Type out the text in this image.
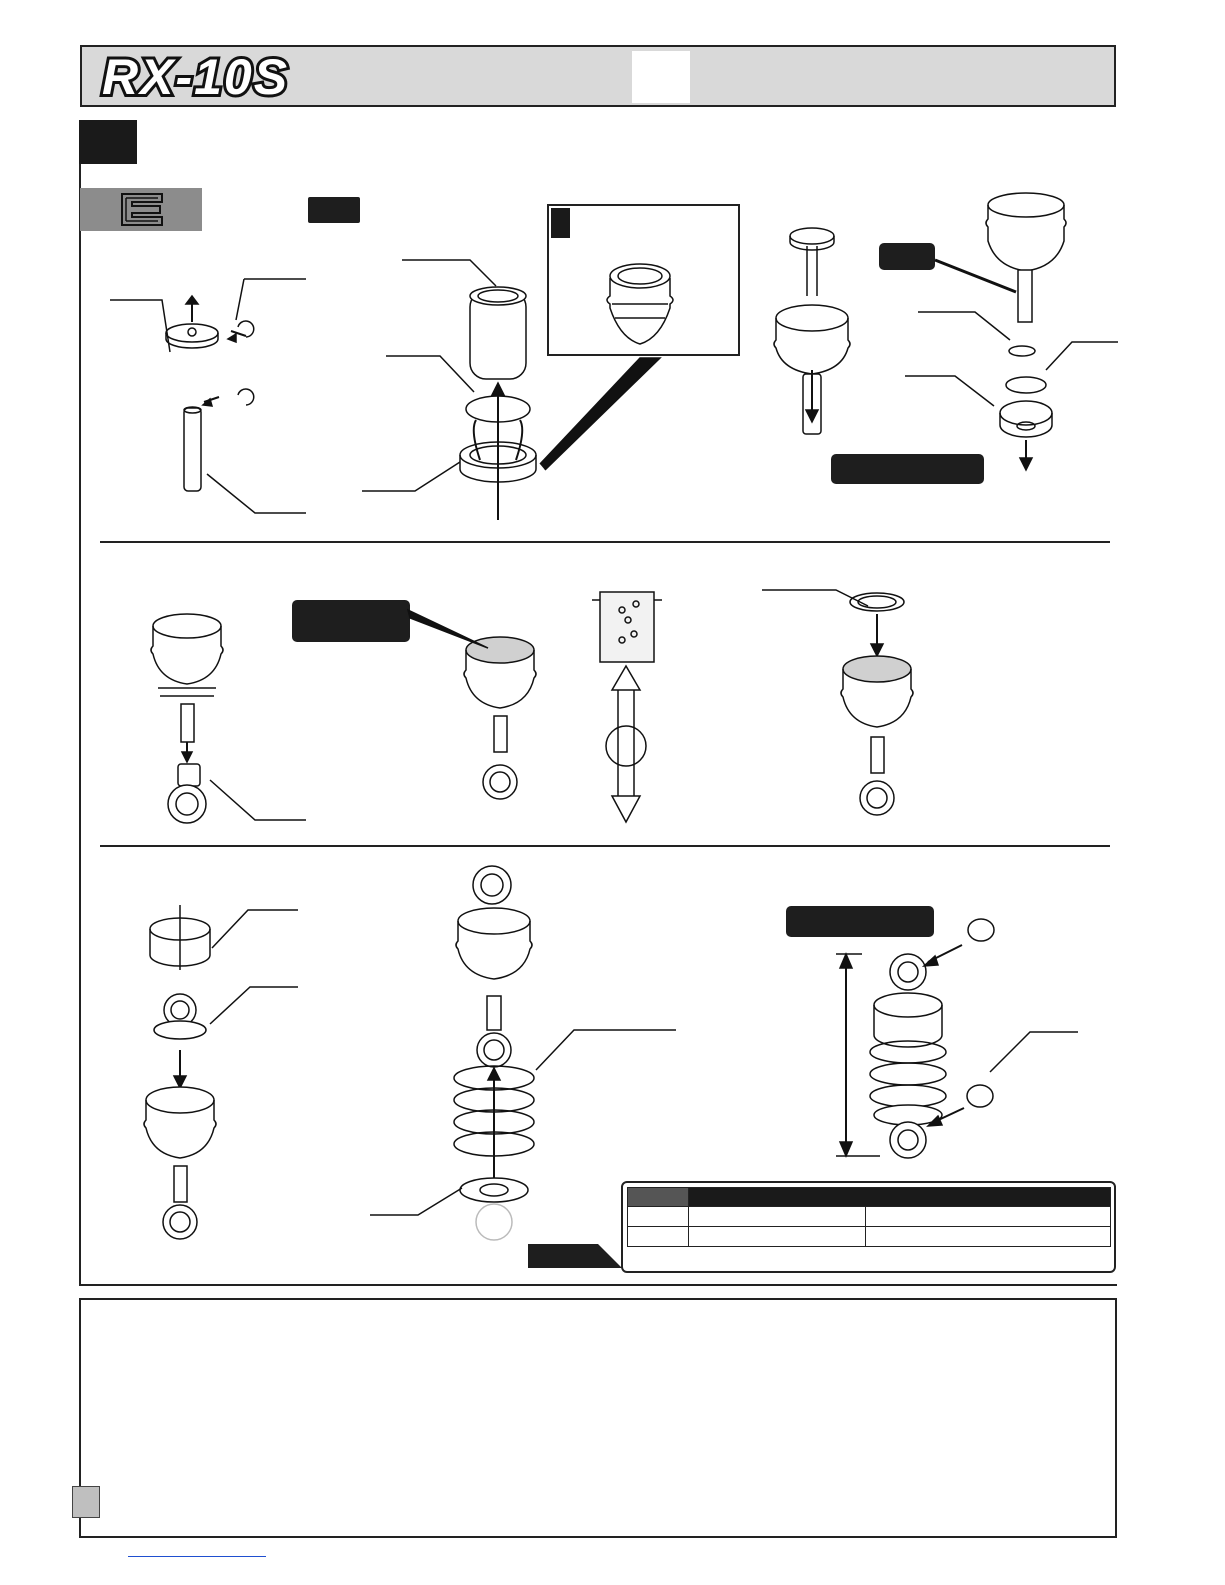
RX-10S
